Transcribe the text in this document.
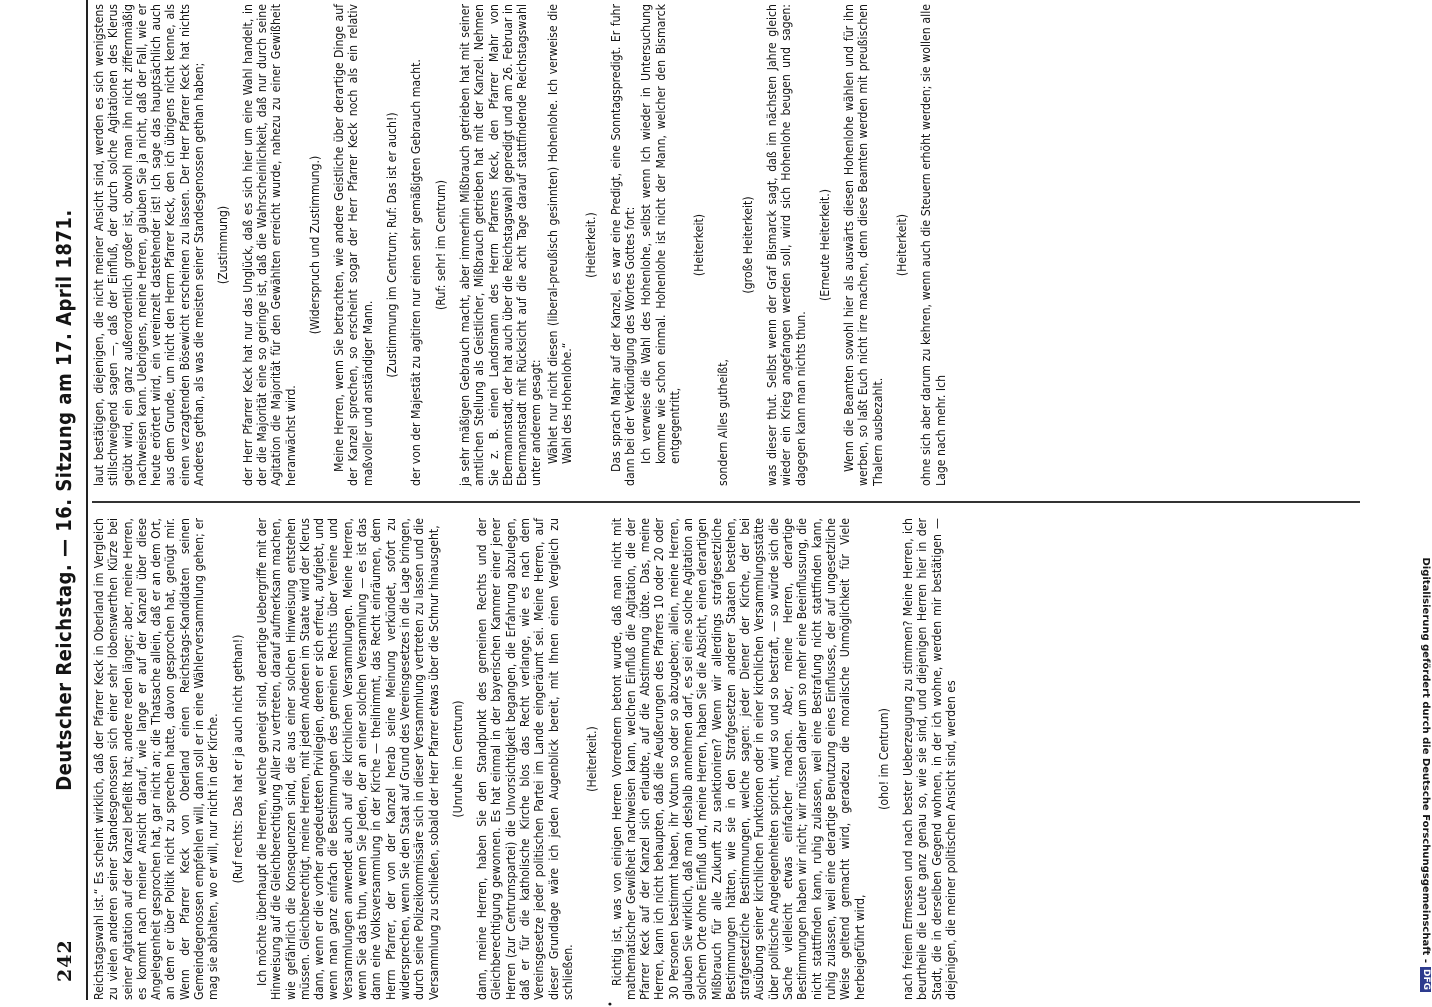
242
Deutscher Reichstag. — 16. Sitzung am 17. April 1871.
•

Reichstagswahl ist.“ Es scheint wirklich, daß der Pfarrer Keck in Oberland im Vergleich zu vielen anderen seiner Standesgenossen sich einer sehr lobenswerthen Kürze bei seiner Agitation auf der Kanzel befleißt hat; andere reden länger; aber, meine Herren, es kommt nach meiner Ansicht darauf, wie lange er auf der Kanzel über diese Angelegenheit gesprochen hat, gar nicht an; die Thatsache allein, daß er an dem Ort, an dem er über Politik nicht zu sprechen hatte, davon gesprochen hat, genügt mir. Wenn der Pfarrer Keck von Oberland einen Reichstags-Kandidaten seinen Gemeindegenossen empfehlen will, dann soll er in eine Wählerversammlung gehen; er mag sie abhalten, wo er will, nur nicht in der Kirche. (Ruf rechts: Das hat er ja auch nicht gethan!) Ich möchte überhaupt die Herren, welche geneigt sind, derartige Uebergriffe mit der Hinweisung auf die Gleichberechtigung Aller zu vertreten, darauf aufmerksam machen, wie gefährlich die Konsequenzen sind, die aus einer solchen Hinweisung entstehen müssen. Gleichberechtigt, meine Herren, mit jedem Anderen im Staate wird der Klerus dann, wenn er die vorher angedeuteten Privilegien, deren er sich erfreut, aufgiebt, und wenn man ganz einfach die Bestimmungen des gemeinen Rechts über Vereine und Versammlungen anwendet auch auf die kirchlichen Versammlungen. Meine Herren, wenn Sie das thun, wenn Sie Jeden, der an einer solchen Versammlung — es ist das dann eine Volksversammlung in der Kirche — theilnimmt, das Recht einräumen, dem Herrn Pfarrer, der von der Kanzel herab seine Meinung verkündet, sofort zu widersprechen, wenn Sie den Staat auf Grund des Vereinsgesetzes in die Lage bringen, durch seine Polizeikommissäre sich in dieser Versammlung vertreten zu lassen und die Versammlung zu schließen, sobald der Herr Pfarrer etwas über die Schnur hinausgeht, (Unruhe im Centrum) dann, meine Herren, haben Sie den Standpunkt des gemeinen Rechts und der Gleichberechtigung gewonnen. Es hat einmal in der bayerischen Kammer einer jener Herren (zur Centrumspartei) die Unvorsichtigkeit begangen, die Erfahrung abzulegen, daß er für die katholische Kirche blos das Recht verlange, wie es nach dem Vereinsgesetze jeder politischen Partei im Lande eingeräumt sei. Meine Herren, auf dieser Grundlage wäre ich jeden Augenblick bereit, mit Ihnen einen Vergleich zu schließen.

(Heiterkeit.) Richtig ist, was von einigen Herren Vorrednern betont wurde, daß man nicht mit mathematischer Gewißheit nachweisen kann, welchen Einfluß die Agitation, die der Pfarrer Keck auf der Kanzel sich erlaubte, auf die Abstimmung übte. Das, meine Herren, kann ich nicht behaupten, daß die Aeußerungen des Pfarrers 10 oder 20 oder 30 Personen bestimmt haben, ihr Votum so oder so abzugeben; allein, meine Herren, glauben Sie wirklich, daß man deshalb annehmen darf, es sei eine solche Agitation an solchem Orte ohne Einfluß und, meine Herren, haben Sie die Absicht, einen derartigen Mißbrauch für alle Zukunft zu sanktioniren? Wenn wir allerdings strafgesetzliche Bestimmungen hätten, wie sie in den Strafgesetzen anderer Staaten bestehen, strafgesetzliche Bestimmungen, welche sagen: jeder Diener der Kirche, der bei Ausübung seiner kirchlichen Funktionen oder in einer kirchlichen Versammlungsstätte über politische Angelegenheiten spricht, wird so und so bestraft, — so würde sich die Sache vielleicht etwas einfacher machen. Aber, meine Herren, derartige Bestimmungen haben wir nicht; wir müssen daher um so mehr eine Beeinflussung, die nicht stattfinden kann, ruhig zulassen, weil eine Bestrafung nicht stattfinden kann, ruhig zulassen, weil eine derartige Benutzung eines Einflusses, der auf ungesetzliche Weise geltend gemacht wird, geradezu die moralische Unmöglichkeit für Viele herbeigeführt wird,

(oho! im Centrum) nach freiem Ermessen und nach bester Ueberzeugung zu stimmen? Meine Herren, ich beurtheile die Leute ganz genau so, wie sie sind, und diejenigen Herren hier in der Stadt, die in derselben Gegend wohnen, in der ich wohne, werden mir bestätigen — diejenigen, die meiner politischen Ansicht sind, werden es

laut bestätigen, diejenigen, die nicht meiner Ansicht sind, werden es sich wenigstens stillschweigend sagen —, daß der Einfluß, der durch solche Agitationen des Klerus geübt wird, ein ganz außerordentlich großer ist, obwohl man ihn nicht ziffernmäßig nachweisen kann. Uebrigens, meine Herren, glauben Sie ja nicht, daß der Fall, wie er heute erörtert wird, ein vereinzelt dastehender ist! Ich sage das hauptsächlich auch aus dem Grunde, um nicht den Herrn Pfarrer Keck, den ich übrigens nicht kenne, als einen verzagtenden Bösewicht erscheinen zu lassen. Der Herr Pfarrer Keck hat nichts Anderes gethan, als was die meisten seiner Standesgenossen gethan haben; (Zustimmung) der Herr Pfarrer Keck hat nur das Unglück, daß es sich hier um eine Wahl handelt, in der die Majorität eine so geringe ist, daß die Wahrscheinlichkeit, daß nur durch seine Agitation die Majorität für den Gewählten erreicht wurde, nahezu zu einer Gewißheit heranwächst wird.

(Widerspruch und Zustimmung.) Meine Herren, wenn Sie betrachten, wie andere Geistliche über derartige Dinge auf der Kanzel sprechen, so erscheint sogar der Herr Pfarrer Keck noch als ein relativ maßvoller und anständiger Mann.

(Zustimmung im Centrum; Ruf: Das ist er auch!) der von der Majestät zu agitiren nur einen sehr gemäßigten Gebrauch macht. (Ruf: sehr! im Centrum) ja sehr mäßigen Gebrauch macht, aber immerhin Mißbrauch getrieben hat mit seiner amtlichen Stellung als Geistlicher, Mißbrauch getrieben hat mit der Kanzel. Nehmen Sie z. B. einen Landsmann des Herrn Pfarrers Keck, den Pfarrer Mahr von Ebermannstadt, der hat auch über die Reichstagswahl gepredigt und am 26. Februar in Ebermannstadt mit Rücksicht auf die acht Tage darauf stattfindende Reichstagswahl unter anderem gesagt: Wählet nur nicht diesen (liberal-preußisch gesinnten) Hohenlohe. Ich verweise die Wahl des Hohenlohe.“

(Heiterkeit.) Das sprach Mahr auf der Kanzel, es war eine Predigt, eine Sonntagspredigt. Er fuhr dann bei der Verkündigung des Wortes Gottes fort: Ich verweise die Wahl des Hohenlohe, selbst wenn Ich wieder in Untersuchung komme wie schon einmal. Hohenlohe ist nicht der Mann, welcher den Bismarck entgegentritt,

(Heiterkeit)

sondern Alles gutheißt,

(große Heiterkeit) was dieser thut. Selbst wenn der Graf Bismarck sagt, daß im nächsten Jahre gleich wieder ein Krieg angefangen werden soll, wird sich Hohenlohe beugen und sagen: dagegen kann man nichts thun.

(Erneute Heiterkeit.) Wenn die Beamten sowohl hier als auswärts diesen Hohenlohe wählen und für ihn werben, so laßt Euch nicht irre machen, denn diese Beamten werden mit preußischen Thalern ausbezahlt.

(Heiterkeit) ohne sich aber darum zu kehren, wenn auch die Steuern erhöht werden; sie wollen alle Lage nach mehr. Ich

Digitalisierung gefördert durch die Deutsche Forschungsgemeinschaft -
DFG
